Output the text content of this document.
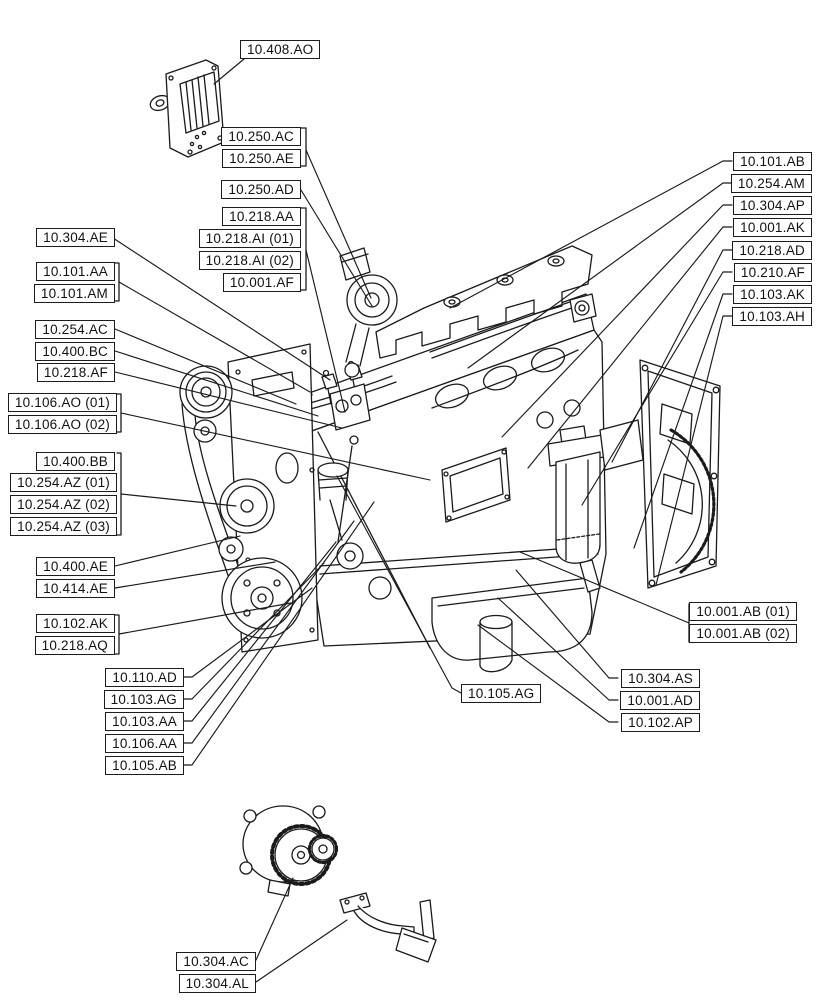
10.408.AO
10.250.AC
10.250.AE
10.250.AD
10.218.AA
10.218.AI (01)
10.218.AI (02)
10.001.AF
10.304.AE
10.101.AA
10.101.AM
10.254.AC
10.400.BC
10.218.AF
10.106.AO (01)
10.106.AO (02)
10.400.BB
10.254.AZ (01)
10.254.AZ (02)
10.254.AZ (03)
10.400.AE
10.414.AE
10.102.AK
10.218.AQ
10.110.AD
10.103.AG
10.103.AA
10.106.AA
10.105.AB
10.101.AB
10.254.AM
10.304.AP
10.001.AK
10.218.AD
10.210.AF
10.103.AK
10.103.AH
10.001.AB (01)
10.001.AB (02)
10.304.AS
10.001.AD
10.102.AP
10.105.AG
10.304.AC
10.304.AL
